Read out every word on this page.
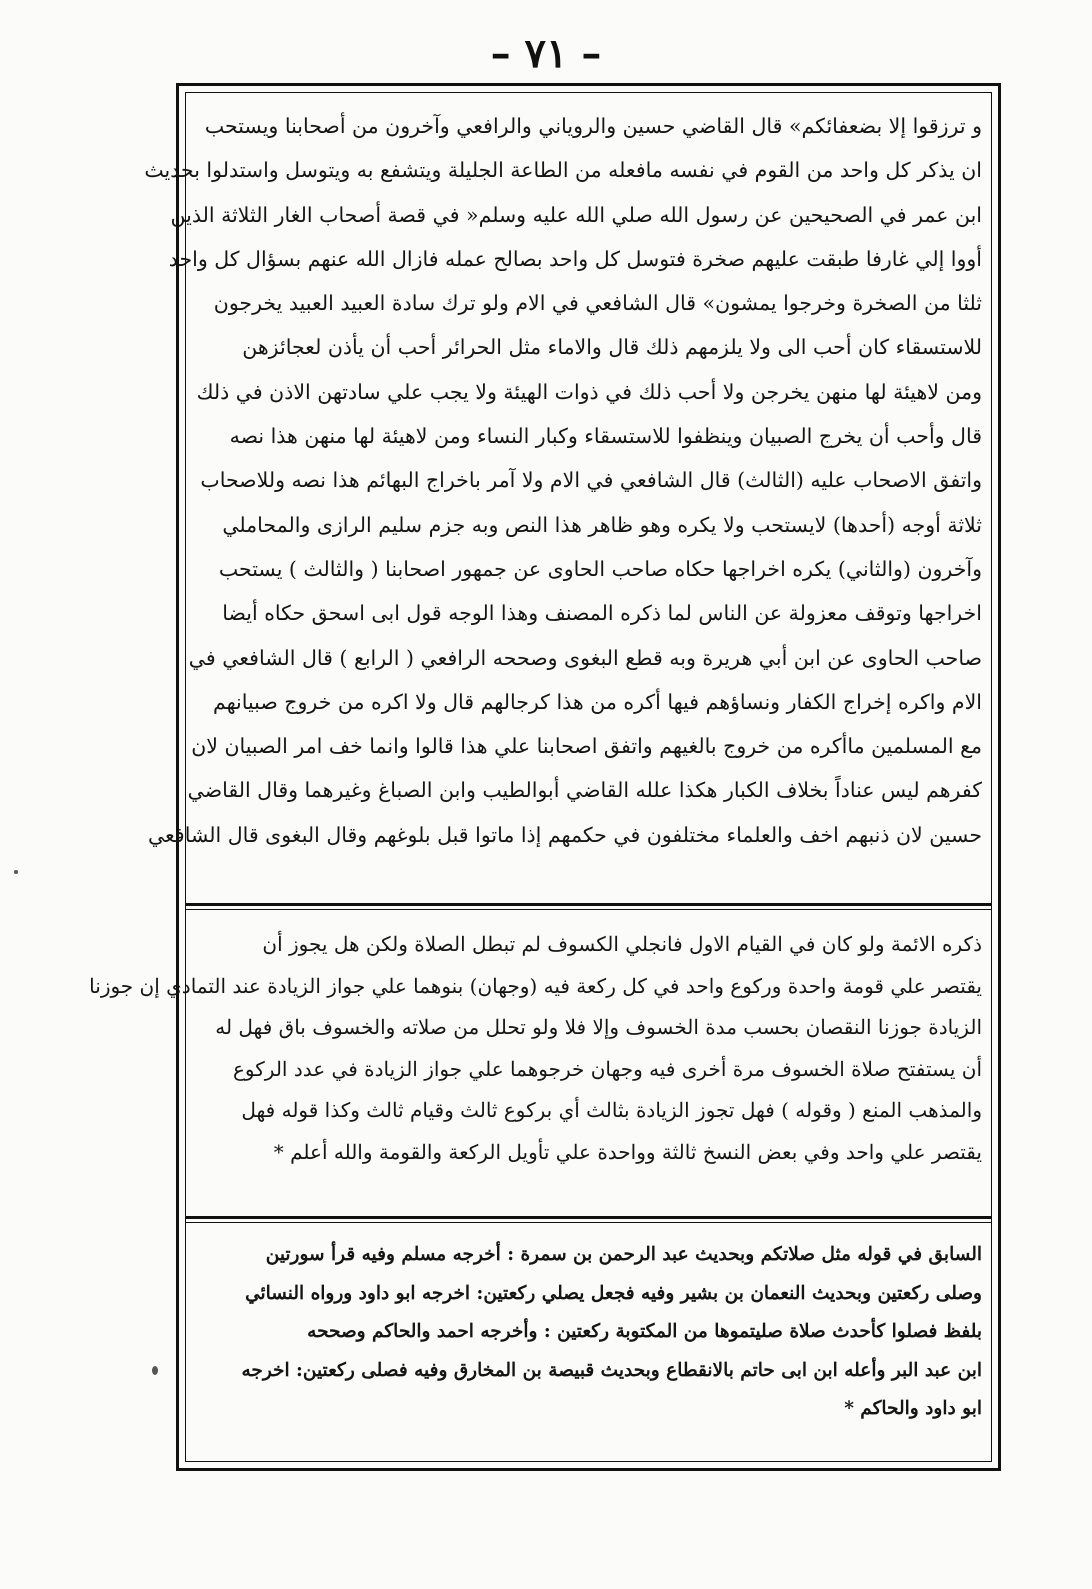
– ٧١ –
و ترزقوا إلا بضعفائكم» قال القاضي حسين والروياني والرافعي وآخرون من أصحابنا ويستحب
ان يذكر كل واحد من القوم في نفسه مافعله من الطاعة الجليلة ويتشفع به ويتوسل واستدلوا بحديث
ابن عمر في الصحيحين عن رسول الله صلي الله عليه وسلم« في قصة أصحاب الغار الثلاثة الذين
أووا إلي غارفا طبقت عليهم صخرة فتوسل كل واحد بصالح عمله فازال الله عنهم بسؤال كل واحد
ثلثا من الصخرة وخرجوا يمشون» قال الشافعي في الام ولو ترك سادة العبيد العبيد يخرجون
للاستسقاء كان أحب الى ولا يلزمهم ذلك قال والاماء مثل الحرائر أحب أن يأذن لعجائزهن
ومن لاهيئة لها منهن يخرجن ولا أحب ذلك في ذوات الهيئة ولا يجب علي سادتهن الاذن في ذلك
قال وأحب أن يخرج الصبيان وينظفوا للاستسقاء وكبار النساء ومن لاهيئة لها منهن هذا نصه
واتفق الاصحاب عليه (الثالث) قال الشافعي في الام ولا آمر باخراج البهائم هذا نصه وللاصحاب
ثلاثة أوجه (أحدها) لايستحب ولا يكره وهو ظاهر هذا النص وبه جزم سليم الرازى والمحاملي
وآخرون (والثاني) يكره اخراجها حكاه صاحب الحاوى عن جمهور اصحابنا ( والثالث ) يستحب
اخراجها وتوقف معزولة عن الناس لما ذكره المصنف وهذا الوجه قول ابى اسحق حكاه أيضا
صاحب الحاوى عن ابن أبي هريرة وبه قطع البغوى وصححه الرافعي ( الرابع ) قال الشافعي في
الام واكره إخراج الكفار ونساؤهم فيها أكره من هذا كرجالهم قال ولا اكره من خروج صبيانهم
مع المسلمين ماأكره من خروج بالغيهم واتفق اصحابنا علي هذا قالوا وانما خف امر الصبيان لان
كفرهم ليس عناداً بخلاف الكبار هكذا علله القاضي أبوالطيب وابن الصباغ وغيرهما وقال القاضي
حسين لان ذنبهم اخف والعلماء مختلفون في حكمهم إذا ماتوا قبل بلوغهم وقال البغوى قال الشافعي
ذكره الائمة ولو كان في القيام الاول فانجلي الكسوف لم تبطل الصلاة ولكن هل يجوز أن
يقتصر علي قومة واحدة وركوع واحد في كل ركعة فيه (وجهان) بنوهما علي جواز الزيادة عند التمادي إن جوزنا
الزيادة جوزنا النقصان بحسب مدة الخسوف وإلا فلا ولو تحلل من صلاته والخسوف باق فهل له
أن يستفتح صلاة الخسوف مرة أخرى فيه وجهان خرجوهما علي جواز الزيادة في عدد الركوع
والمذهب المنع ( وقوله ) فهل تجوز الزيادة بثالث أي بركوع ثالث وقيام ثالث وكذا قوله فهل
يقتصر علي واحد وفي بعض النسخ ثالثة وواحدة علي تأويل الركعة والقومة والله أعلم *
السابق في قوله مثل صلاتكم وبحديث عبد الرحمن بن سمرة : أخرجه مسلم وفيه قرأ سورتين
وصلى ركعتين وبحديث النعمان بن بشير وفيه فجعل يصلي ركعتين: اخرجه ابو داود ورواه النسائي
بلفظ فصلوا كأحدث صلاة صليتموها من المكتوبة ركعتين : وأخرجه احمد والحاكم وصححه
ابن عبد البر وأعله ابن ابى حاتم بالانقطاع وبحديث قبيصة بن المخارق وفيه فصلى ركعتين: اخرجه
ابو داود والحاكم *
